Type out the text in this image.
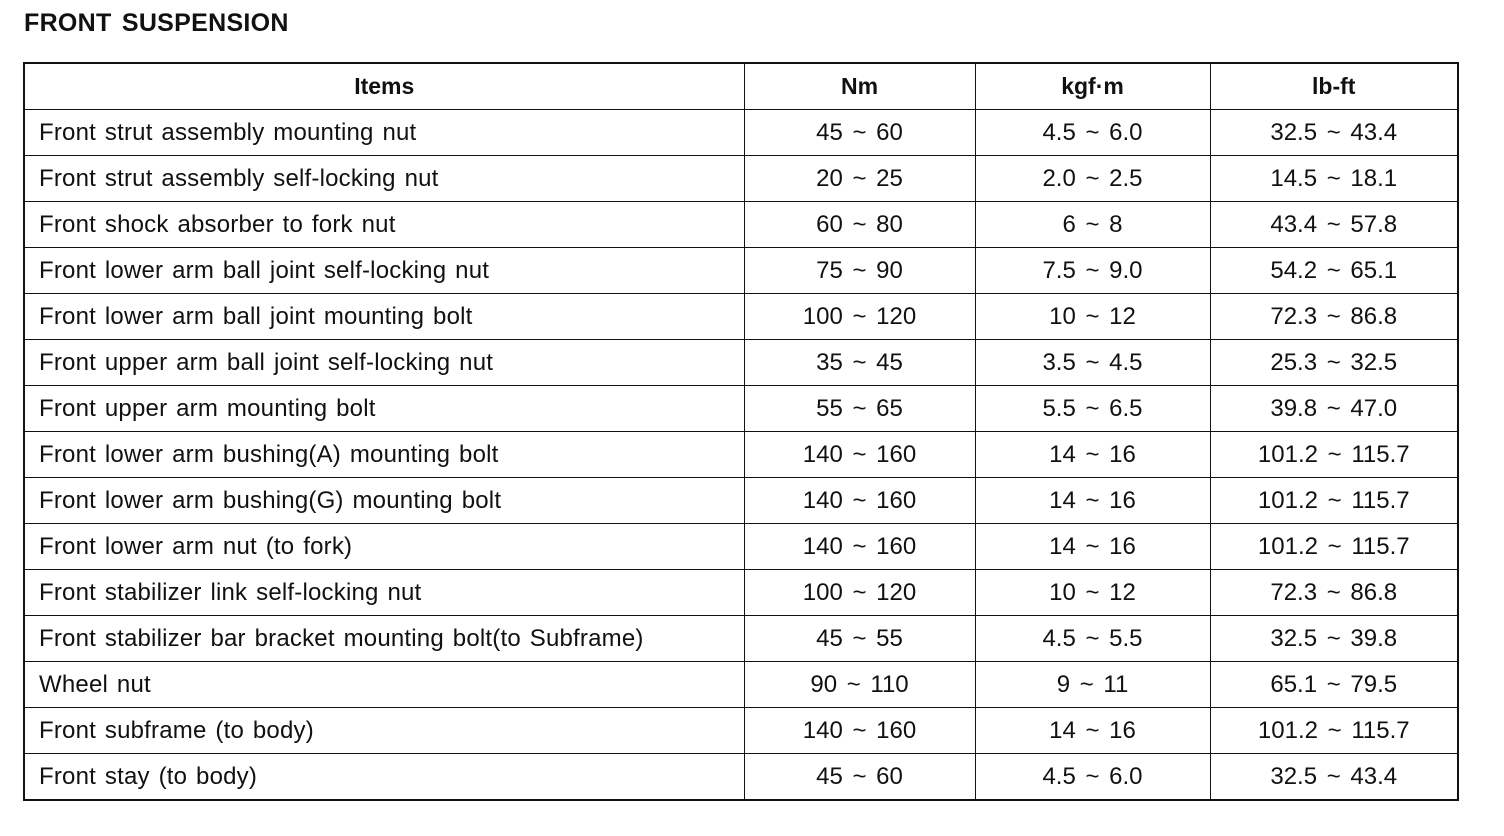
FRONT SUSPENSION
Items	Nm	kgf·m	lb-ft
Front strut assembly mounting nut	45 ~ 60	4.5 ~ 6.0	32.5 ~ 43.4
Front strut assembly self-locking nut	20 ~ 25	2.0 ~ 2.5	14.5 ~ 18.1
Front shock absorber to fork nut	60 ~ 80	6 ~ 8	43.4 ~ 57.8
Front lower arm ball joint self-locking nut	75 ~ 90	7.5 ~ 9.0	54.2 ~ 65.1
Front lower arm ball joint mounting bolt	100 ~ 120	10 ~ 12	72.3 ~ 86.8
Front upper arm ball joint self-locking nut	35 ~ 45	3.5 ~ 4.5	25.3 ~ 32.5
Front upper arm mounting bolt	55 ~ 65	5.5 ~ 6.5	39.8 ~ 47.0
Front lower arm bushing(A) mounting bolt	140 ~ 160	14 ~ 16	101.2 ~ 115.7
Front lower arm bushing(G) mounting bolt	140 ~ 160	14 ~ 16	101.2 ~ 115.7
Front lower arm nut (to fork)	140 ~ 160	14 ~ 16	101.2 ~ 115.7
Front stabilizer link self-locking nut	100 ~ 120	10 ~ 12	72.3 ~ 86.8
Front stabilizer bar bracket mounting bolt(to Subframe)	45 ~ 55	4.5 ~ 5.5	32.5 ~ 39.8
Wheel nut	90 ~ 110	9 ~ 11	65.1 ~ 79.5
Front subframe (to body)	140 ~ 160	14 ~ 16	101.2 ~ 115.7
Front stay (to body)	45 ~ 60	4.5 ~ 6.0	32.5 ~ 43.4
